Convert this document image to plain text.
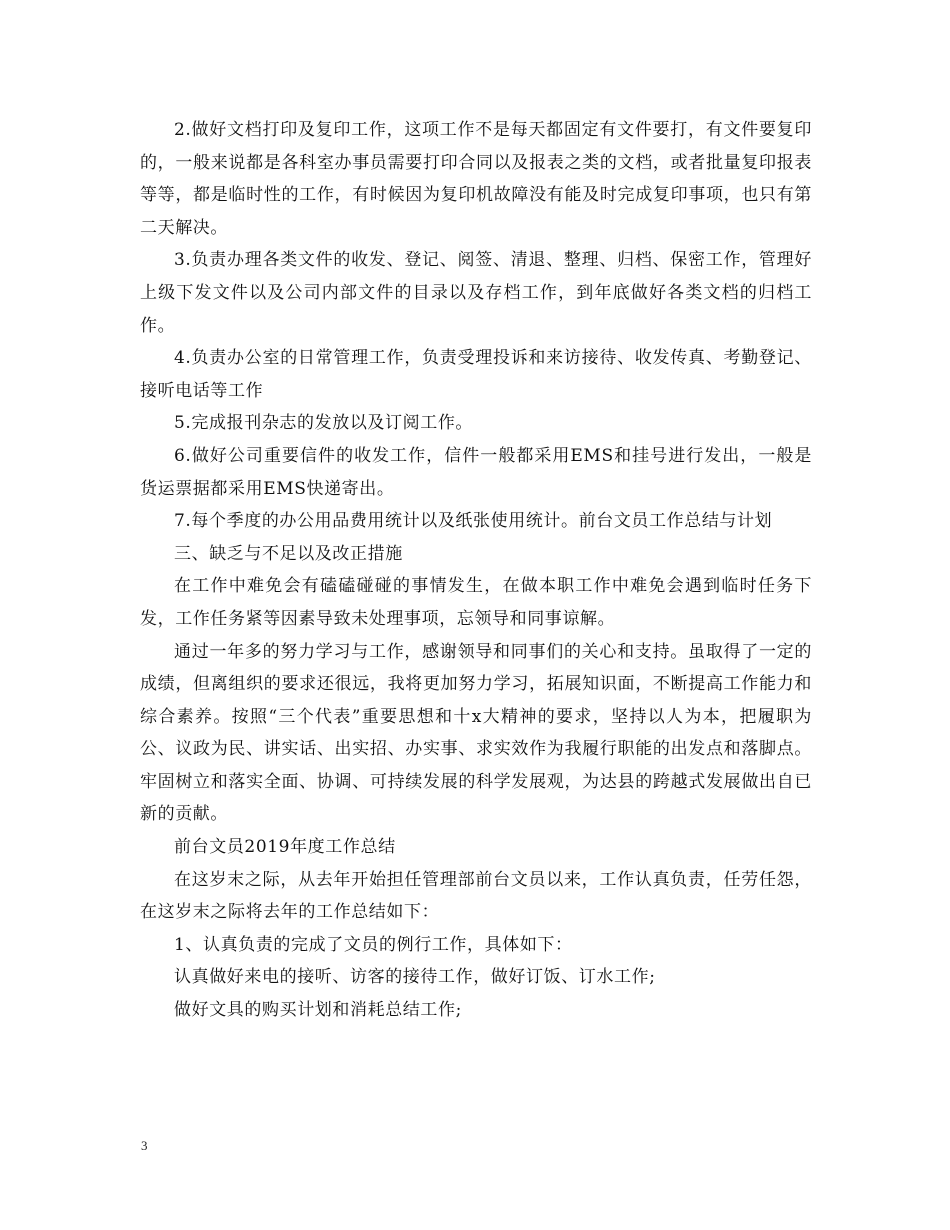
2.做好文档打印及复印工作，这项工作不是每天都固定有文件要打，有文件要复印的，一般来说都是各科室办事员需要打印合同以及报表之类的文档，或者批量复印报表等等，都是临时性的工作，有时候因为复印机故障没有能及时完成复印事项，也只有第二天解决。

3.负责办理各类文件的收发、登记、阅签、清退、整理、归档、保密工作，管理好上级下发文件以及公司内部文件的目录以及存档工作，到年底做好各类文档的归档工作。

4.负责办公室的日常管理工作，负责受理投诉和来访接待、收发传真、考勤登记、接听电话等工作

5.完成报刊杂志的发放以及订阅工作。

6.做好公司重要信件的收发工作，信件一般都采用EMS和挂号进行发出，一般是货运票据都采用EMS快递寄出。

7.每个季度的办公用品费用统计以及纸张使用统计。前台文员工作总结与计划

三、缺乏与不足以及改正措施

在工作中难免会有磕磕碰碰的事情发生，在做本职工作中难免会遇到临时任务下发，工作任务紧等因素导致未处理事项，忘领导和同事谅解。

通过一年多的努力学习与工作，感谢领导和同事们的关心和支持。虽取得了一定的成绩，但离组织的要求还很远，我将更加努力学习，拓展知识面，不断提高工作能力和综合素养。按照“三个代表”重要思想和十x大精神的要求，坚持以人为本，把履职为公、议政为民、讲实话、出实招、办实事、求实效作为我履行职能的出发点和落脚点。牢固树立和落实全面、协调、可持续发展的科学发展观，为达县的跨越式发展做出自已新的贡献。

前台文员2019年度工作总结

在这岁末之际，从去年开始担任管理部前台文员以来，工作认真负责，任劳任怨，在这岁末之际将去年的工作总结如下：

1、认真负责的完成了文员的例行工作，具体如下：

认真做好来电的接听、访客的接待工作，做好订饭、订水工作;

做好文具的购买计划和消耗总结工作;

3
